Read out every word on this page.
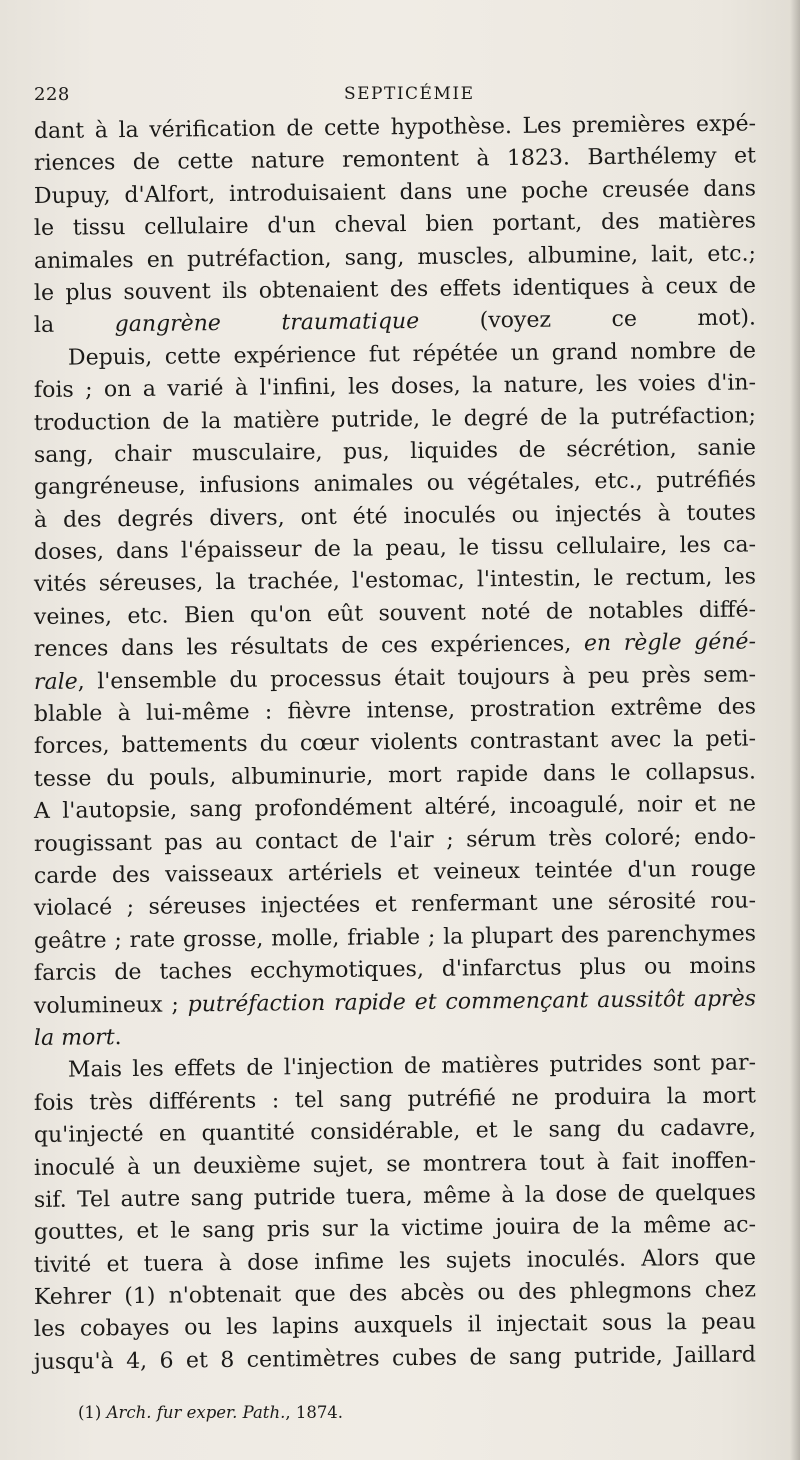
228	SEPTICÉMIE
dant à la vérification de cette hypothèse. Les premières expé-
riences de cette nature remontent à 1823. Barthélemy et
Dupuy, d'Alfort, introduisaient dans une poche creusée dans
le tissu cellulaire d'un cheval bien portant, des matières
animales en putréfaction, sang, muscles, albumine, lait, etc.;
le plus souvent ils obtenaient des effets identiques à ceux de
la gangrène traumatique (voyez ce mot).
Depuis, cette expérience fut répétée un grand nombre de
fois ; on a varié à l'infini, les doses, la nature, les voies d'in-
troduction de la matière putride, le degré de la putréfaction;
sang, chair musculaire, pus, liquides de sécrétion, sanie
gangréneuse, infusions animales ou végétales, etc., putréfiés
à des degrés divers, ont été inoculés ou injectés à toutes
doses, dans l'épaisseur de la peau, le tissu cellulaire, les ca-
vités séreuses, la trachée, l'estomac, l'intestin, le rectum, les
veines, etc. Bien qu'on eût souvent noté de notables diffé-
rences dans les résultats de ces expériences, en règle géné-
rale, l'ensemble du processus était toujours à peu près sem-
blable à lui-même : fièvre intense, prostration extrême des
forces, battements du cœur violents contrastant avec la peti-
tesse du pouls, albuminurie, mort rapide dans le collapsus.
A l'autopsie, sang profondément altéré, incoagulé, noir et ne
rougissant pas au contact de l'air ; sérum très coloré; endo-
carde des vaisseaux artériels et veineux teintée d'un rouge
violacé ; séreuses injectées et renfermant une sérosité rou-
geâtre ; rate grosse, molle, friable ; la plupart des parenchymes
farcis de taches ecchymotiques, d'infarctus plus ou moins
volumineux ; putréfaction rapide et commençant aussitôt après
la mort.
Mais les effets de l'injection de matières putrides sont par-
fois très différents : tel sang putréfié ne produira la mort
qu'injecté en quantité considérable, et le sang du cadavre,
inoculé à un deuxième sujet, se montrera tout à fait inoffen-
sif. Tel autre sang putride tuera, même à la dose de quelques
gouttes, et le sang pris sur la victime jouira de la même ac-
tivité et tuera à dose infime les sujets inoculés. Alors que
Kehrer (1) n'obtenait que des abcès ou des phlegmons chez
les cobayes ou les lapins auxquels il injectait sous la peau
jusqu'à 4, 6 et 8 centimètres cubes de sang putride, Jaillard
(1) Arch. fur exper. Path., 1874.
